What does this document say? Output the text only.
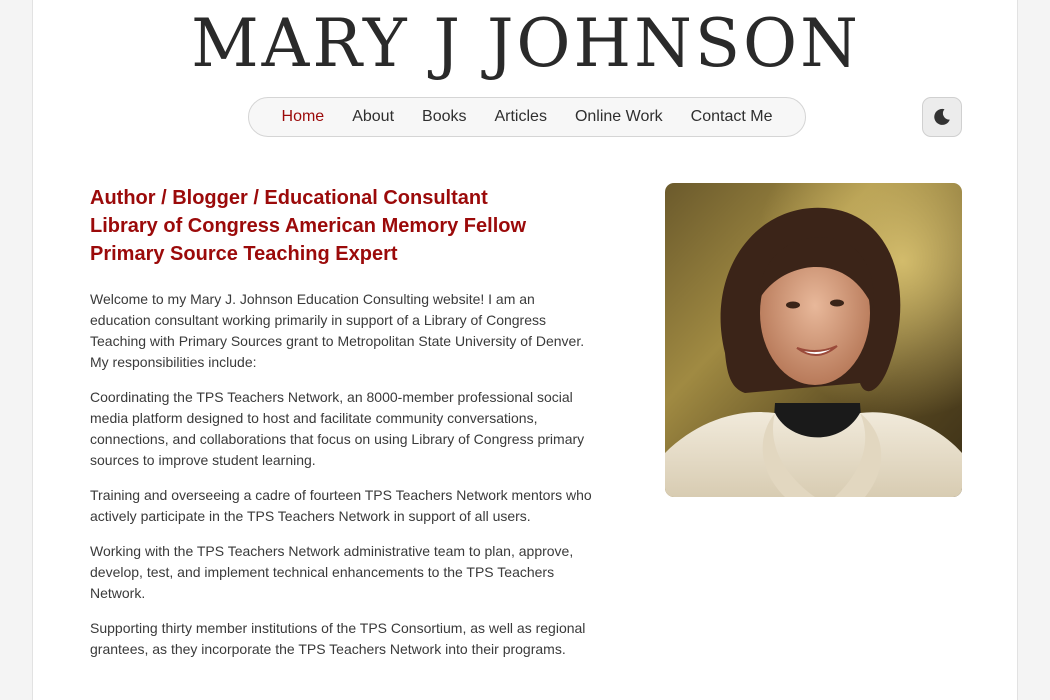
MARY J JOHNSON
Home About Books Articles Online Work Contact Me
Author / Blogger / Educational Consultant
Library of Congress American Memory Fellow
Primary Source Teaching Expert

Welcome to my Mary J. Johnson Education Consulting website! I am an education consultant working primarily in support of a Library of Congress Teaching with Primary Sources grant to Metropolitan State University of Denver. My responsibilities include:

Coordinating the TPS Teachers Network, an 8000-member professional social media platform designed to host and facilitate community conversations, connections, and collaborations that focus on using Library of Congress primary sources to improve student learning.

Training and overseeing a cadre of fourteen TPS Teachers Network mentors who actively participate in the TPS Teachers Network in support of all users.

Working with the TPS Teachers Network administrative team to plan, approve, develop, test, and implement technical enhancements to the TPS Teachers Network.

Supporting thirty member institutions of the TPS Consortium, as well as regional grantees, as they incorporate the TPS Teachers Network into their programs.
